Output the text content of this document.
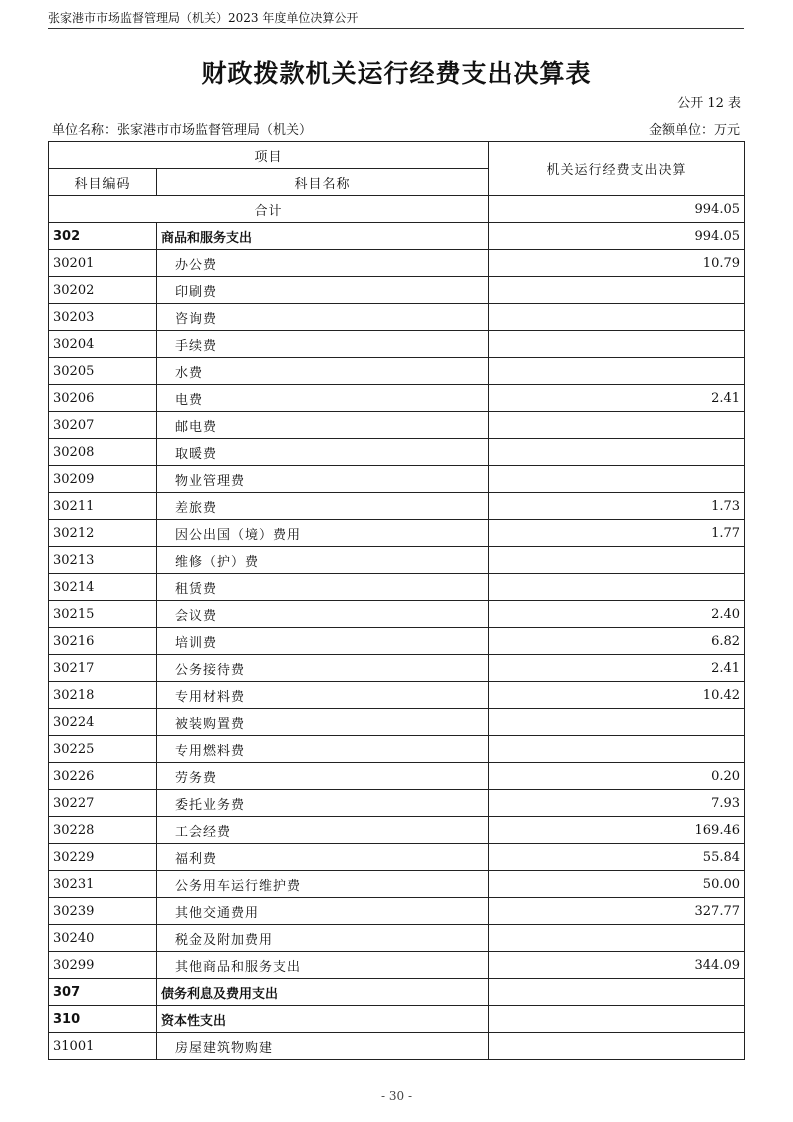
张家港市市场监督管理局（机关）2023 年度单位决算公开
财政拨款机关运行经费支出决算表
公开 12 表
单位名称：张家港市市场监督管理局（机关）	金额单位：万元
项目		机关运行经费支出决算
科目编码	科目名称	
合计		994.05
302	商品和服务支出	994.05
30201	办公费	10.79
30202	印刷费	
30203	咨询费	
30204	手续费	
30205	水费	
30206	电费	2.41
30207	邮电费	
30208	取暖费	
30209	物业管理费	
30211	差旅费	1.73
30212	因公出国（境）费用	1.77
30213	维修（护）费	
30214	租赁费	
30215	会议费	2.40
30216	培训费	6.82
30217	公务接待费	2.41
30218	专用材料费	10.42
30224	被装购置费	
30225	专用燃料费	
30226	劳务费	0.20
30227	委托业务费	7.93
30228	工会经费	169.46
30229	福利费	55.84
30231	公务用车运行维护费	50.00
30239	其他交通费用	327.77
30240	税金及附加费用	
30299	其他商品和服务支出	344.09
307	债务利息及费用支出	
310	资本性支出	
31001	房屋建筑物购建	
- 30 -
